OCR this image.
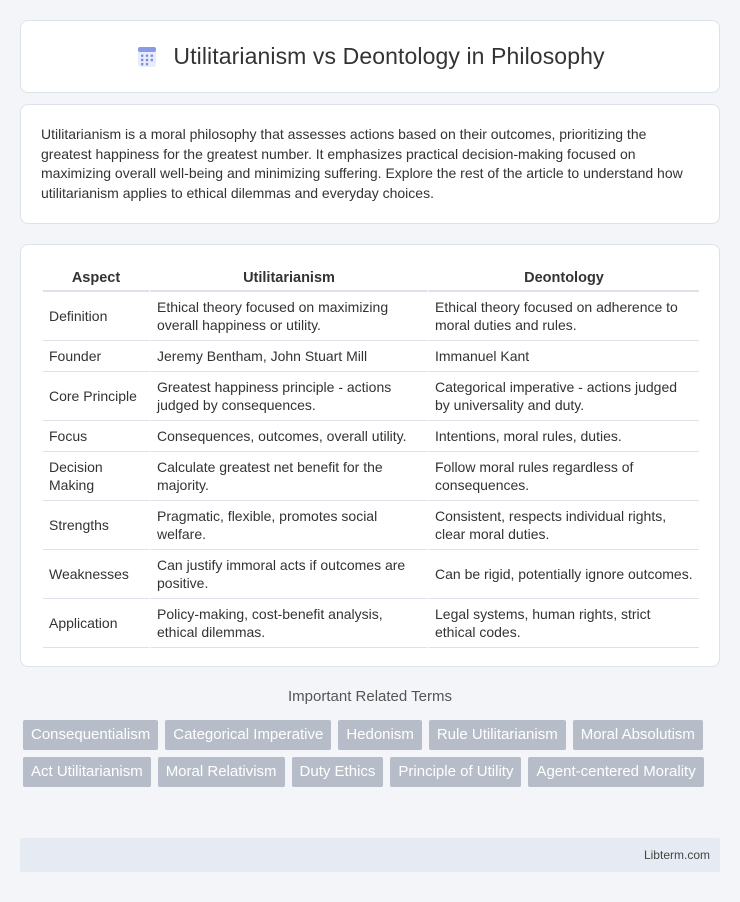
Utilitarianism vs Deontology in Philosophy

Utilitarianism is a moral philosophy that assesses actions based on their outcomes, prioritizing the greatest happiness for the greatest number. It emphasizes practical decision-making focused on maximizing overall well-being and minimizing suffering. Explore the rest of the article to understand how utilitarianism applies to ethical dilemmas and everyday choices.

Aspect	Utilitarianism	Deontology
Definition	Ethical theory focused on maximizing overall happiness or utility.	Ethical theory focused on adherence to moral duties and rules.
Founder	Jeremy Bentham, John Stuart Mill	Immanuel Kant
Core Principle	Greatest happiness principle - actions judged by consequences.	Categorical imperative - actions judged by universality and duty.
Focus	Consequences, outcomes, overall utility.	Intentions, moral rules, duties.
Decision Making	Calculate greatest net benefit for the majority.	Follow moral rules regardless of consequences.
Strengths	Pragmatic, flexible, promotes social welfare.	Consistent, respects individual rights, clear moral duties.
Weaknesses	Can justify immoral acts if outcomes are positive.	Can be rigid, potentially ignore outcomes.
Application	Policy-making, cost-benefit analysis, ethical dilemmas.	Legal systems, human rights, strict ethical codes.
Important Related Terms
Consequentialism	Categorical Imperative	Hedonism	Rule Utilitarianism	Moral Absolutism
Act Utilitarianism	Moral Relativism	Duty Ethics	Principle of Utility	Agent-centered Morality
Libterm.com
